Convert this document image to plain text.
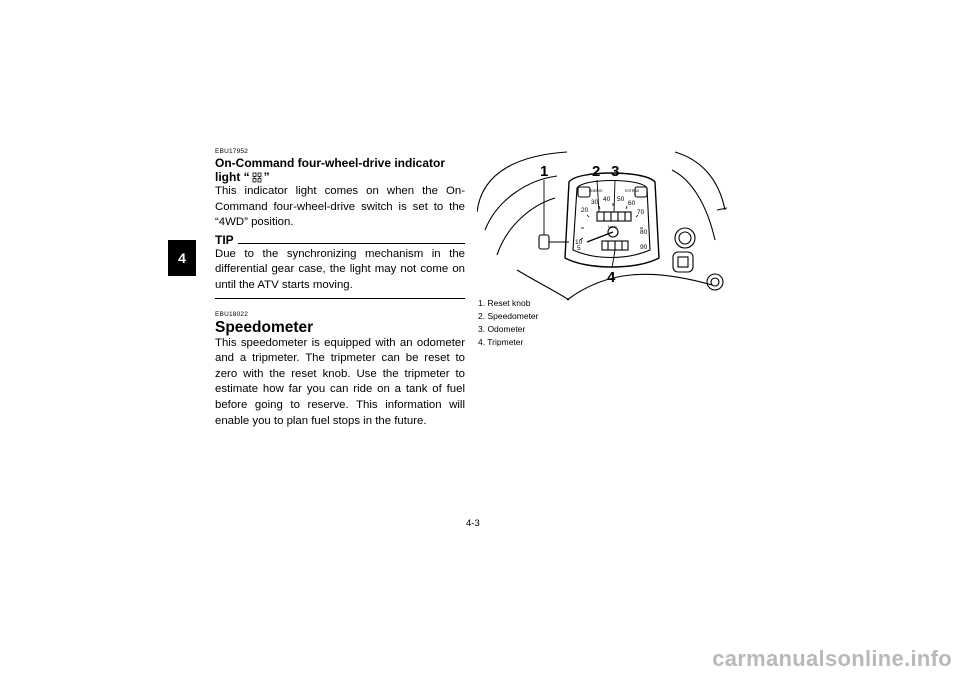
4
EBU17952
On-Command four-wheel-drive indicator
light “ ”
This indicator light comes on when the On-Command four-wheel-drive switch is set to the “4WD” position.
TIP
Due to the synchronizing mechanism in the differential gear case, the light may not come on until the ATV starts moving.
EBU18022
Speedometer
This speedometer is equipped with an odometer and a tripmeter. The tripmeter can be reset to zero with the reset knob. Use the tripmeter to estimate how far you can ride on a tank of fuel before going to reserve. This information will enable you to plan fuel stops in the future.
1	2 3
4
5
10
20
30 40 50
60
70
80
90
ENERGI	ESTRAD
km/h
1. Reset knob
2. Speedometer
3. Odometer
4. Tripmeter
4-3
carmanualsonline.info
